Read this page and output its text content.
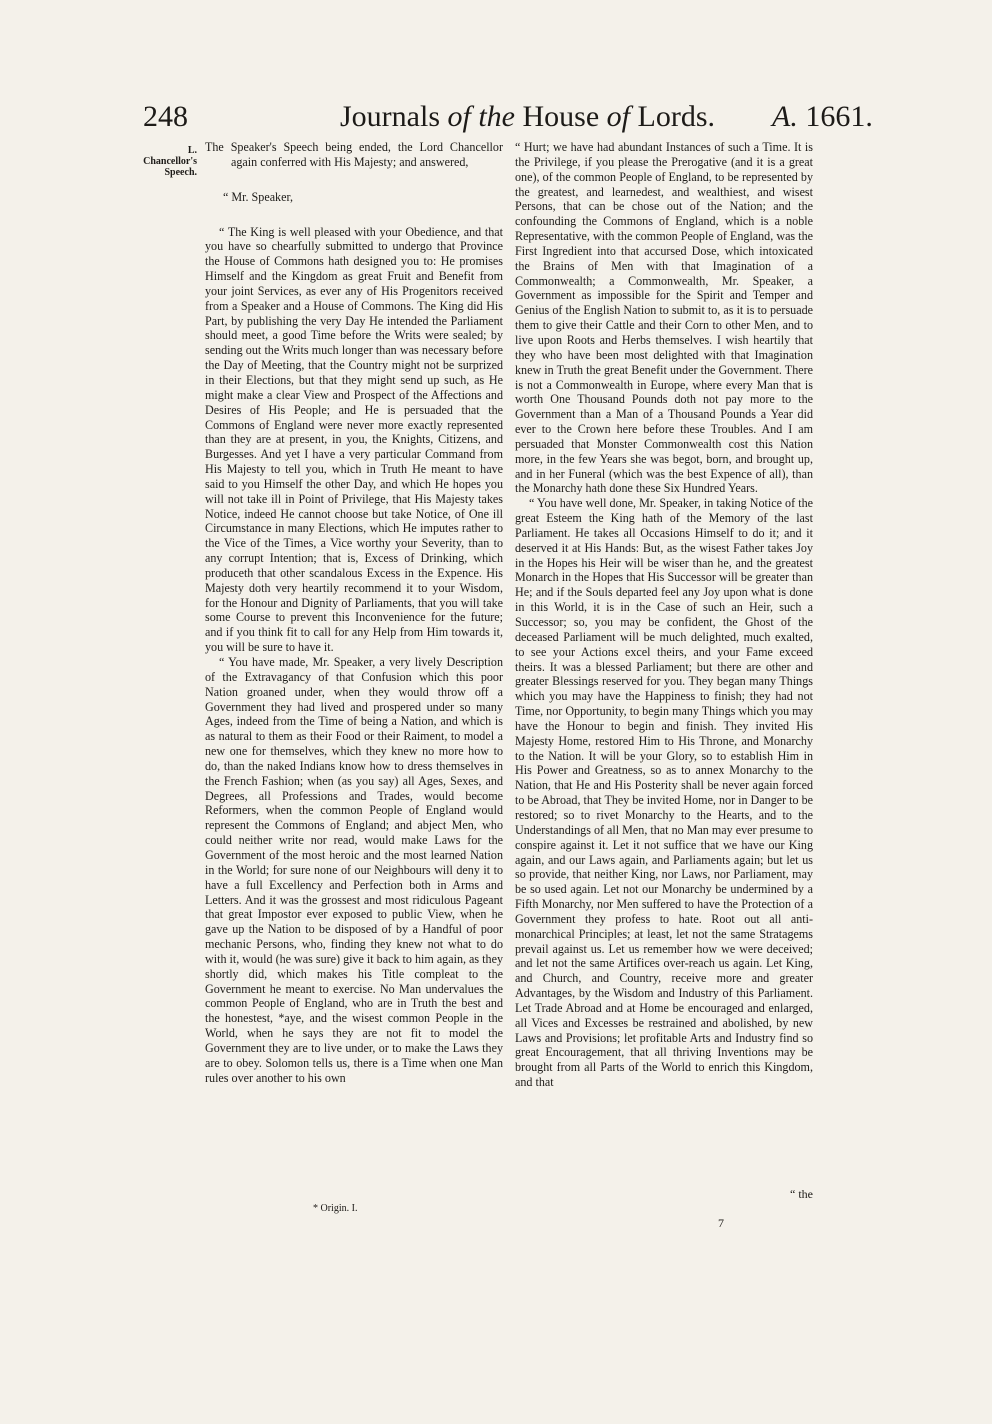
248	Journals of the House of Lords. A. 1661.
L. Chancellor's Speech.

The Speaker's Speech being ended, the Lord Chancellor again conferred with His Majesty; and answered,

“ Mr. Speaker,

“ The King is well pleased with your Obedience, and that you have so chearfully submitted to undergo that Province the House of Commons hath designed you to: He promises Himself and the Kingdom as great Fruit and Benefit from your joint Services, as ever any of His Progenitors received from a Speaker and a House of Commons. The King did His Part, by publishing the very Day He intended the Parliament should meet, a good Time before the Writs were sealed; by sending out the Writs much longer than was necessary before the Day of Meeting, that the Country might not be surprized in their Elections, but that they might send up such, as He might make a clear View and Prospect of the Affections and Desires of His People; and He is persuaded that the Commons of England were never more exactly represented than they are at present, in you, the Knights, Citizens, and Burgesses. And yet I have a very particular Command from His Majesty to tell you, which in Truth He meant to have said to you Himself the other Day, and which He hopes you will not take ill in Point of Privilege, that His Majesty takes Notice, indeed He cannot choose but take Notice, of One ill Circumstance in many Elections, which He imputes rather to the Vice of the Times, a Vice worthy your Severity, than to any corrupt Intention; that is, Excess of Drinking, which produceth that other scandalous Excess in the Expence. His Majesty doth very heartily recommend it to your Wisdom, for the Honour and Dignity of Parliaments, that you will take some Course to prevent this Inconvenience for the future; and if you think fit to call for any Help from Him towards it, you will be sure to have it.

“ You have made, Mr. Speaker, a very lively Description of the Extravagancy of that Confusion which this poor Nation groaned under, when they would throw off a Government they had lived and prospered under so many Ages, indeed from the Time of being a Nation, and which is as natural to them as their Food or their Raiment, to model a new one for themselves, which they knew no more how to do, than the naked Indians know how to dress themselves in the French Fashion; when (as you say) all Ages, Sexes, and Degrees, all Professions and Trades, would become Reformers, when the common People of England would represent the Commons of England; and abject Men, who could neither write nor read, would make Laws for the Government of the most heroic and the most learned Nation in the World; for sure none of our Neighbours will deny it to have a full Excellency and Perfection both in Arms and Letters. And it was the grossest and most ridiculous Pageant that great Impostor ever exposed to public View, when he gave up the Nation to be disposed of by a Handful of poor mechanic Persons, who, finding they knew not what to do with it, would (he was sure) give it back to him again, as they shortly did, which makes his Title compleat to the Government he meant to exercise. No Man undervalues the common People of England, who are in Truth the best and the honestest, *aye, and the wisest common People in the World, when he says they are not fit to model the Government they are to live under, or to make the Laws they are to obey. Solomon tells us, there is a Time when one Man rules over another to his own

“ Hurt; we have had abundant Instances of such a Time. It is the Privilege, if you please the Prerogative (and it is a great one), of the common People of England, to be represented by the greatest, and learnedest, and wealthiest, and wisest Persons, that can be chose out of the Nation; and the confounding the Commons of England, which is a noble Representative, with the common People of England, was the First Ingredient into that accursed Dose, which intoxicated the Brains of Men with that Imagination of a Commonwealth; a Commonwealth, Mr. Speaker, a Government as impossible for the Spirit and Temper and Genius of the English Nation to submit to, as it is to persuade them to give their Cattle and their Corn to other Men, and to live upon Roots and Herbs themselves. I wish heartily that they who have been most delighted with that Imagination knew in Truth the great Benefit under the Government. There is not a Commonwealth in Europe, where every Man that is worth One Thousand Pounds doth not pay more to the Government than a Man of a Thousand Pounds a Year did ever to the Crown here before these Troubles. And I am persuaded that Monster Commonwealth cost this Nation more, in the few Years she was begot, born, and brought up, and in her Funeral (which was the best Expence of all), than the Monarchy hath done these Six Hundred Years.

“ You have well done, Mr. Speaker, in taking Notice of the great Esteem the King hath of the Memory of the last Parliament. He takes all Occasions Himself to do it; and it deserved it at His Hands: But, as the wisest Father takes Joy in the Hopes his Heir will be wiser than he, and the greatest Monarch in the Hopes that His Successor will be greater than He; and if the Souls departed feel any Joy upon what is done in this World, it is in the Case of such an Heir, such a Successor; so, you may be confident, the Ghost of the deceased Parliament will be much delighted, much exalted, to see your Actions excel theirs, and your Fame exceed theirs. It was a blessed Parliament; but there are other and greater Blessings reserved for you. They began many Things which you may have the Happiness to finish; they had not Time, nor Opportunity, to begin many Things which you may have the Honour to begin and finish. They invited His Majesty Home, restored Him to His Throne, and Monarchy to the Nation. It will be your Glory, so to establish Him in His Power and Greatness, so as to annex Monarchy to the Nation, that He and His Posterity shall be never again forced to be Abroad, that They be invited Home, nor in Danger to be restored; so to rivet Monarchy to the Hearts, and to the Understandings of all Men, that no Man may ever presume to conspire against it. Let it not suffice that we have our King again, and our Laws again, and Parliaments again; but let us so provide, that neither King, nor Laws, nor Parliament, may be so used again. Let not our Monarchy be undermined by a Fifth Monarchy, nor Men suffered to have the Protection of a Government they profess to hate. Root out all anti-monarchical Principles; at least, let not the same Stratagems prevail against us. Let us remember how we were deceived; and let not the same Artifices over-reach us again. Let King, and Church, and Country, receive more and greater Advantages, by the Wisdom and Industry of this Parliament. Let Trade Abroad and at Home be encouraged and enlarged, all Vices and Excesses be restrained and abolished, by new Laws and Provisions; let profitable Arts and Industry find so great Encouragement, that all thriving Inventions may be brought from all Parts of the World to enrich this Kingdom, and that

“ the
* Origin. I.
7
